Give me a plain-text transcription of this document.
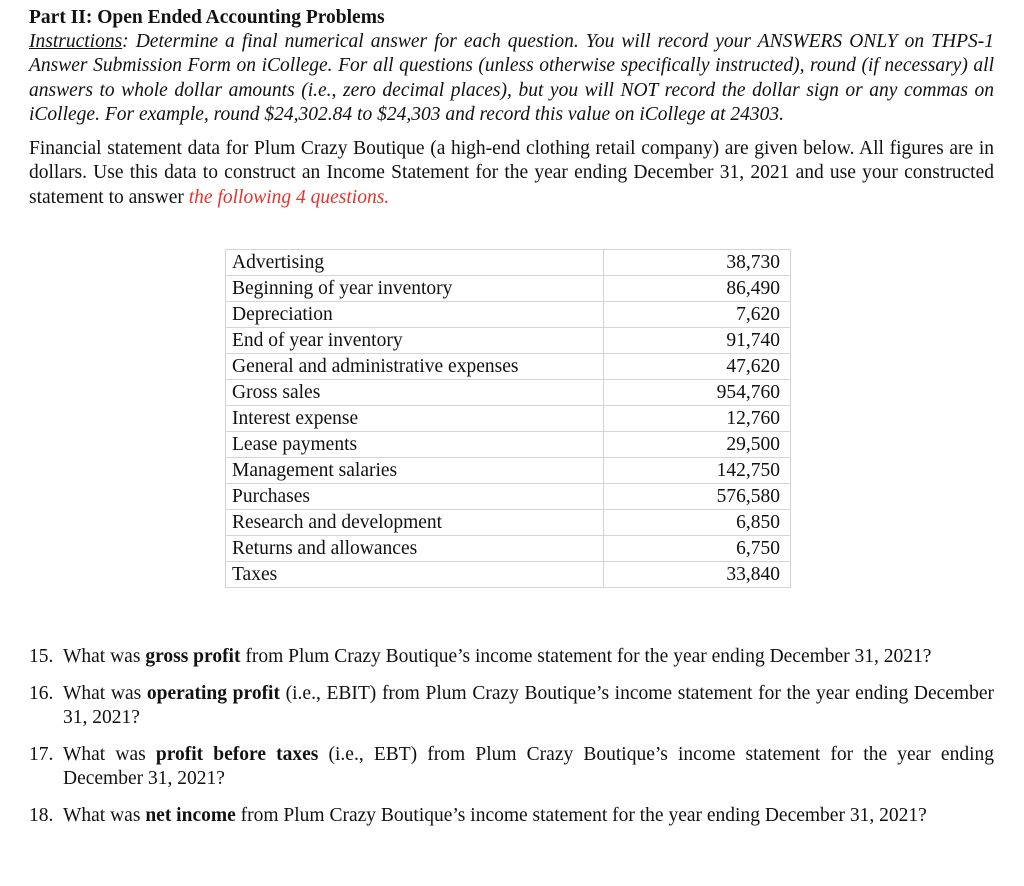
Part II: Open Ended Accounting Problems

Instructions: Determine a final numerical answer for each question. You will record your ANSWERS ONLY on THPS-1 Answer Submission Form on iCollege. For all questions (unless otherwise specifically instructed), round (if necessary) all answers to whole dollar amounts (i.e., zero decimal places), but you will NOT record the dollar sign or any commas on iCollege. For example, round $24,302.84 to $24,303 and record this value on iCollege at 24303.

Financial statement data for Plum Crazy Boutique (a high-end clothing retail company) are given below. All figures are in dollars. Use this data to construct an Income Statement for the year ending December 31, 2021 and use your constructed statement to answer the following 4 questions.

Advertising	38,730
Beginning of year inventory	86,490
Depreciation	7,620
End of year inventory	91,740
General and administrative expenses	47,620
Gross sales	954,760
Interest expense	12,760
Lease payments	29,500
Management salaries	142,750
Purchases	576,580
Research and development	6,850
Returns and allowances	6,750
Taxes	33,840
15. What was gross profit from Plum Crazy Boutique’s income statement for the year ending December 31, 2021?
16. What was operating profit (i.e., EBIT) from Plum Crazy Boutique’s income statement for the year ending December 31, 2021?
17. What was profit before taxes (i.e., EBT) from Plum Crazy Boutique’s income statement for the year ending December 31, 2021?
18. What was net income from Plum Crazy Boutique’s income statement for the year ending December 31, 2021?
